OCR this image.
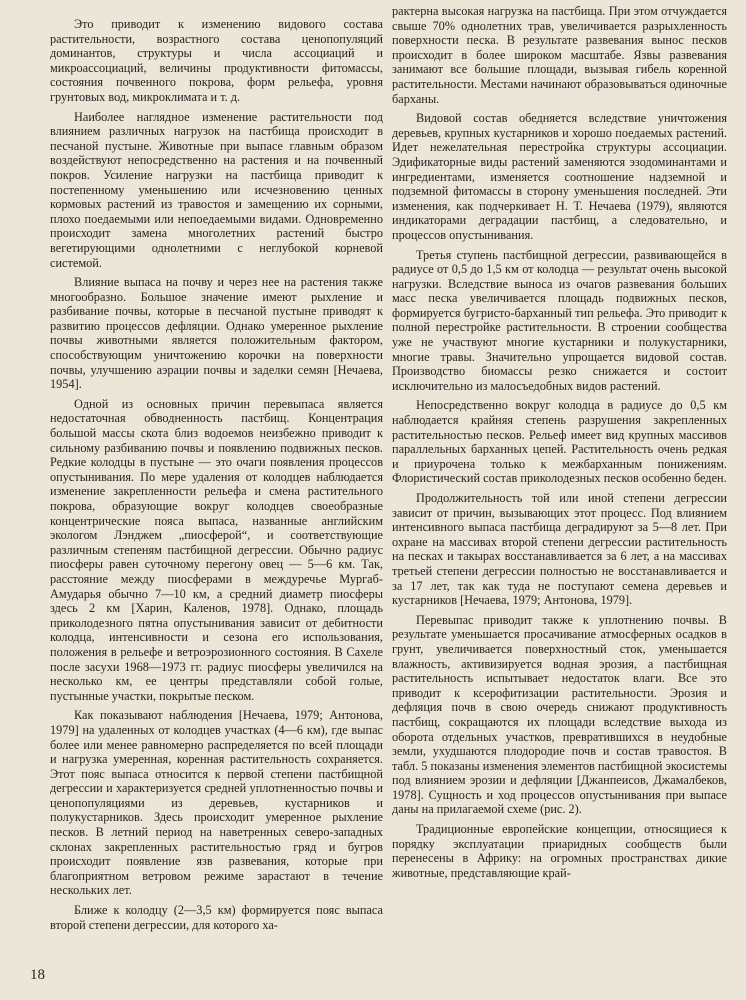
Это приводит к изменению видового состава растительности, возрастного состава ценопопуляций доминантов, структуры и числа ассоциаций и микроассоциаций, величины продуктивности фитомассы, состояния почвенного покрова, форм рельефа, уровня грунтовых вод, микроклимата и т. д.

Наиболее наглядное изменение растительности под влиянием различных нагрузок на пастбища происходит в песчаной пустыне. Животные при выпасе главным образом воздействуют непосредственно на растения и на почвенный покров. Усиление нагрузки на пастбища приводит к постепенному уменьшению или исчезновению ценных кормовых растений из травостоя и замещению их сорными, плохо поедаемыми или непоедаемыми видами. Одновременно происходит замена многолетних растений быстро вегетирующими однолетними с неглубокой корневой системой.

Влияние выпаса на почву и через нее на растения также многообразно. Большое значение имеют рыхление и разбивание почвы, которые в песчаной пустыне приводят к развитию процессов дефляции. Однако умеренное рыхление почвы животными является положительным фактором, способствующим уничтожению корочки на поверхности почвы, улучшению аэрации почвы и заделки семян [Нечаева, 1954].

Одной из основных причин перевыпаса является недостаточная обводненность пастбищ. Концентрация большой массы скота близ водоемов неизбежно приводит к сильному разбиванию почвы и появлению подвижных песков. Редкие колодцы в пустыне — это очаги появления процессов опустынивания. По мере удаления от колодцев наблюдается изменение закрепленности рельефа и смена растительного покрова, образующие вокруг колодцев своеобразные концентрические пояса выпаса, названные английским экологом Лэнджем „пиосферой“, и соответствующие различным степеням пастбищной дегрессии. Обычно радиус пиосферы равен суточному перегону овец — 5—6 км. Так, расстояние между пиосферами в междуречье Мургаб-Амударья обычно 7—10 км, а средний диаметр пиосферы здесь 2 км [Харин, Каленов, 1978]. Однако, площадь приколодезного пятна опустынивания зависит от дебитности колодца, интенсивности и сезона его использования, положения в рельефе и ветроэрозионного состояния. В Сахеле после засухи 1968—1973 гг. радиус пиосферы увеличился на несколько км, ее центры представляли собой голые, пустынные участки, покрытые песком.

Как показывают наблюдения [Нечаева, 1979; Антонова, 1979] на удаленных от колодцев участках (4—6 км), где выпас более или менее равномерно распределяется по всей площади и нагрузка умеренная, коренная растительность сохраняется. Этот пояс выпаса относится к первой степени пастбищной дегрессии и характеризуется средней уплотненностью почвы и ценопопуляциями из деревьев, кустарников и полукустарников. Здесь происходит умеренное рыхление песков. В летний период на наветренных северо-западных склонах закрепленных растительностью гряд и бугров происходит появление язв развевания, которые при благоприятном ветровом режиме зарастают в течение нескольких лет.

Ближе к колодцу (2—3,5 км) формируется пояс выпаса второй степени дегрессии, для которого ха-

рактерна высокая нагрузка на пастбища. При этом отчуждается свыше 70% однолетних трав, увеличивается разрыхленность поверхности песка. В результате развевания вынос песков происходит в более широком масштабе. Язвы развевания занимают все большие площади, вызывая гибель коренной растительности. Местами начинают образовываться одиночные барханы.

Видовой состав обедняется вследствие уничтожения деревьев, крупных кустарников и хорошо поедаемых растений. Идет нежелательная перестройка структуры ассоциации. Эдификаторные виды растений заменяются эзодоминантами и ингредиентами, изменяется соотношение надземной и подземной фитомассы в сторону уменьшения последней. Эти изменения, как подчеркивает Н. Т. Нечаева (1979), являются индикаторами деградации пастбищ, а следовательно, и процессов опустынивания.

Третья ступень пастбищной дегрессии, развивающейся в радиусе от 0,5 до 1,5 км от колодца — результат очень высокой нагрузки. Вследствие выноса из очагов развевания больших масс песка увеличивается площадь подвижных песков, формируется бугристо-барханный тип рельефа. Это приводит к полной перестройке растительности. В строении сообщества уже не участвуют многие кустарники и полукустарники, многие травы. Значительно упрощается видовой состав. Производство биомассы резко снижается и состоит исключительно из малосъедобных видов растений.

Непосредственно вокруг колодца в радиусе до 0,5 км наблюдается крайняя степень разрушения закрепленных растительностью песков. Рельеф имеет вид крупных массивов параллельных барханных цепей. Растительность очень редкая и приурочена только к межбарханным понижениям. Флористический состав приколодезных песков особенно беден.

Продолжительность той или иной степени дегрессии зависит от причин, вызывающих этот процесс. Под влиянием интенсивного выпаса пастбища деградируют за 5—8 лет. При охране на массивах второй степени дегрессии растительность на песках и такырах восстанавливается за 6 лет, а на массивах третьей степени дегрессии полностью не восстанавливается и за 17 лет, так как туда не поступают семена деревьев и кустарников [Нечаева, 1979; Антонова, 1979].

Перевыпас приводит также к уплотнению почвы. В результате уменьшается просачивание атмосферных осадков в грунт, увеличивается поверхностный сток, уменьшается влажность, активизируется водная эрозия, а пастбищная растительность испытывает недостаток влаги. Все это приводит к ксерофитизации растительности. Эрозия и дефляция почв в свою очередь снижают продуктивность пастбищ, сокращаются их площади вследствие выхода из оборота отдельных участков, превратившихся в неудобные земли, ухудшаются плодородие почв и состав травостоя. В табл. 5 показаны изменения элементов пастбищной экосистемы под влиянием эрозии и дефляции [Джанпеисов, Джамалбеков, 1978]. Сущность и ход процессов опустынивания при выпасе даны на прилагаемой схеме (рис. 2).

Традиционные европейские концепции, относящиеся к порядку эксплуатации приаридных сообществ были перенесены в Африку: на огромных пространствах дикие животные, представляющие край-

18
